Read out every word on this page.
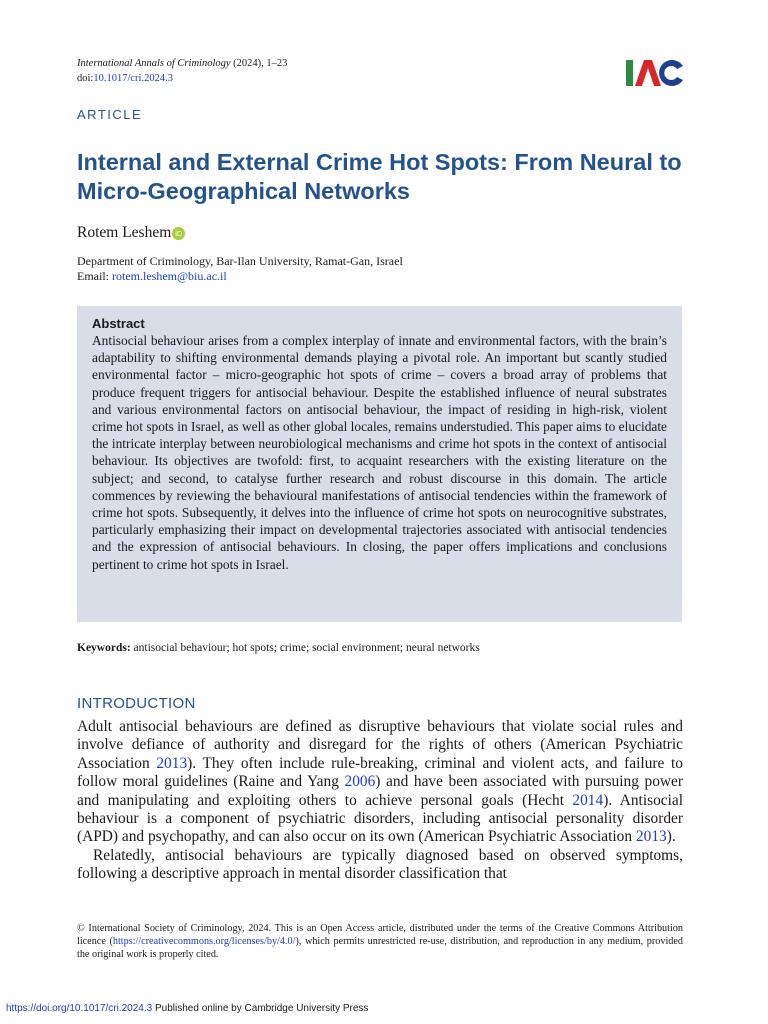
International Annals of Criminology (2024), 1–23
doi:10.1017/cri.2024.3
ARTICLE
Internal and External Crime Hot Spots: From Neural to Micro-Geographical Networks
Rotem Leshem iD
Department of Criminology, Bar-Ilan University, Ramat-Gan, Israel
Email: rotem.leshem@biu.ac.il
Abstract
Antisocial behaviour arises from a complex interplay of innate and environmental factors, with the brain’s adaptability to shifting environmental demands playing a pivotal role. An important but scantly studied environmental factor – micro-geographic hot spots of crime – covers a broad array of problems that produce frequent triggers for antisocial behaviour. Despite the established influence of neural substrates and various environmental factors on antisocial behaviour, the impact of residing in high-risk, violent crime hot spots in Israel, as well as other global locales, remains understudied. This paper aims to elucidate the intricate interplay between neurobiological mechanisms and crime hot spots in the context of antisocial behaviour. Its objectives are twofold: first, to acquaint researchers with the existing literature on the subject; and second, to catalyse further research and robust discourse in this domain. The article commences by reviewing the behavioural manifestations of antisocial tendencies within the framework of crime hot spots. Subsequently, it delves into the influence of crime hot spots on neurocognitive substrates, particularly emphasizing their impact on developmental trajectories associated with antisocial tendencies and the expression of antisocial behaviours. In closing, the paper offers implications and conclusions pertinent to crime hot spots in Israel.
Keywords: antisocial behaviour; hot spots; crime; social environment; neural networks
INTRODUCTION

Adult antisocial behaviours are defined as disruptive behaviours that violate social rules and involve defiance of authority and disregard for the rights of others (American Psychiatric Association 2013). They often include rule-breaking, criminal and violent acts, and failure to follow moral guidelines (Raine and Yang 2006) and have been associated with pursuing power and manipulating and exploiting others to achieve personal goals (Hecht 2014). Antisocial behaviour is a component of psychiatric disorders, including antisocial personality disorder (APD) and psychopathy, and can also occur on its own (American Psychiatric Association 2013).

Relatedly, antisocial behaviours are typically diagnosed based on observed symptoms, following a descriptive approach in mental disorder classification that

© International Society of Criminology, 2024. This is an Open Access article, distributed under the terms of the Creative Commons Attribution licence (https://creativecommons.org/licenses/by/4.0/), which permits unrestricted re-use, distribution, and reproduction in any medium, provided the original work is properly cited.
https://doi.org/10.1017/cri.2024.3 Published online by Cambridge University Press
